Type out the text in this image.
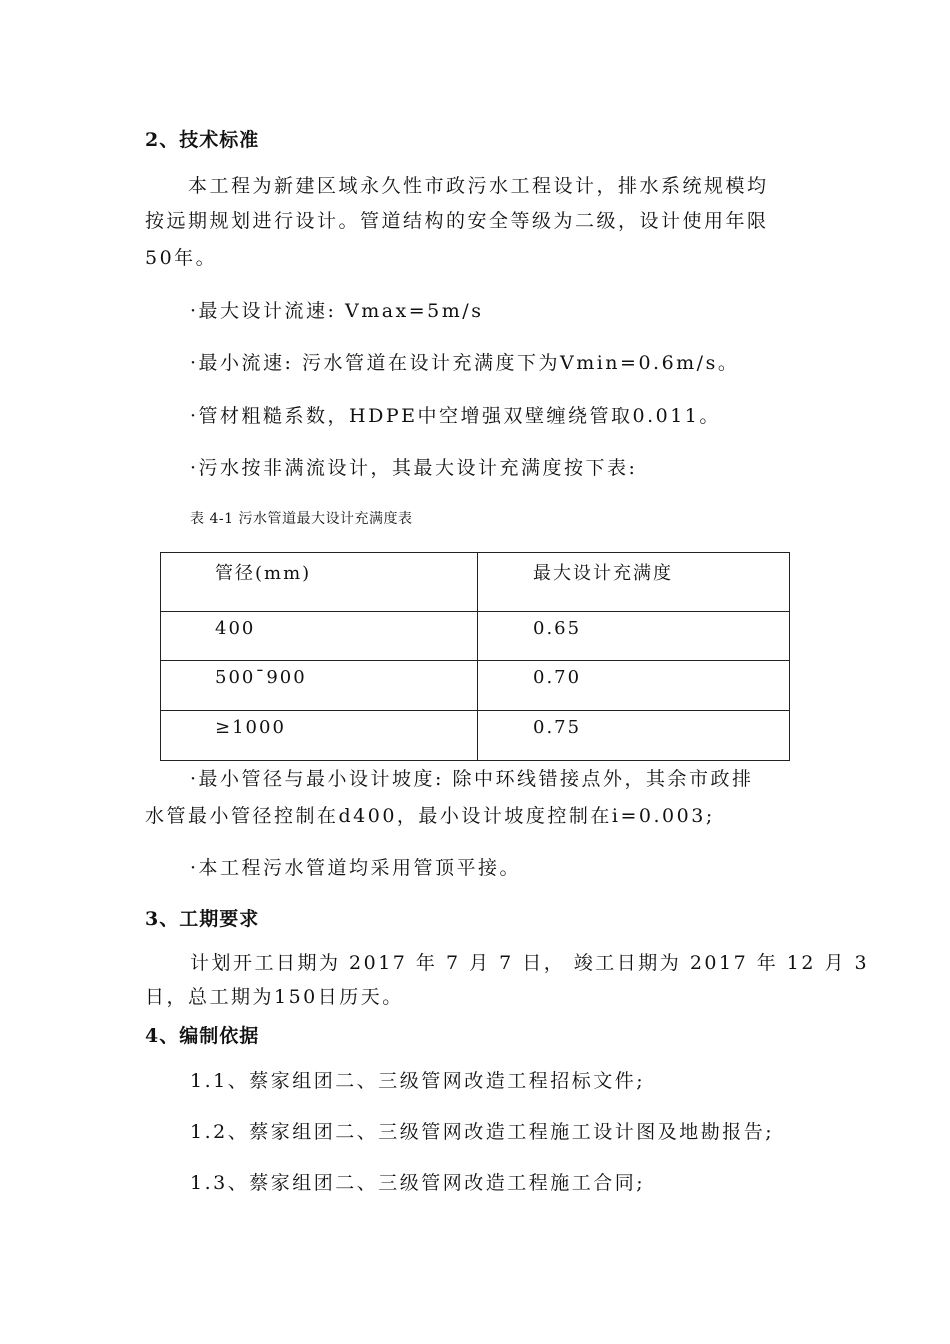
2、技术标准
本工程为新建区域永久性市政污水工程设计，排水系统规模均
按远期规划进行设计。管道结构的安全等级为二级，设计使用年限
50年。
·最大设计流速: Vmax=5m/s
·最小流速: 污水管道在设计充满度下为Vmin=0.6m/s。
·管材粗糙系数，HDPE中空增强双壁缠绕管取0.011。
·污水按非满流设计，其最大设计充满度按下表:
表 4-1 污水管道最大设计充满度表
管径(mm)	最大设计充满度

400	0.65

500¯900	0.70

≥1000	0.75
·最小管径与最小设计坡度: 除中环线错接点外，其余市政排
水管最小管径控制在d400，最小设计坡度控制在i=0.003;
·本工程污水管道均采用管顶平接。
3、工期要求
计划开工日期为 2017 年 7 月 7 日， 竣工日期为 2017 年 12 月 3
日，总工期为150日历天。
4、编制依据
1.1、蔡家组团二、三级管网改造工程招标文件;
1.2、蔡家组团二、三级管网改造工程施工设计图及地勘报告;
1.3、蔡家组团二、三级管网改造工程施工合同;
